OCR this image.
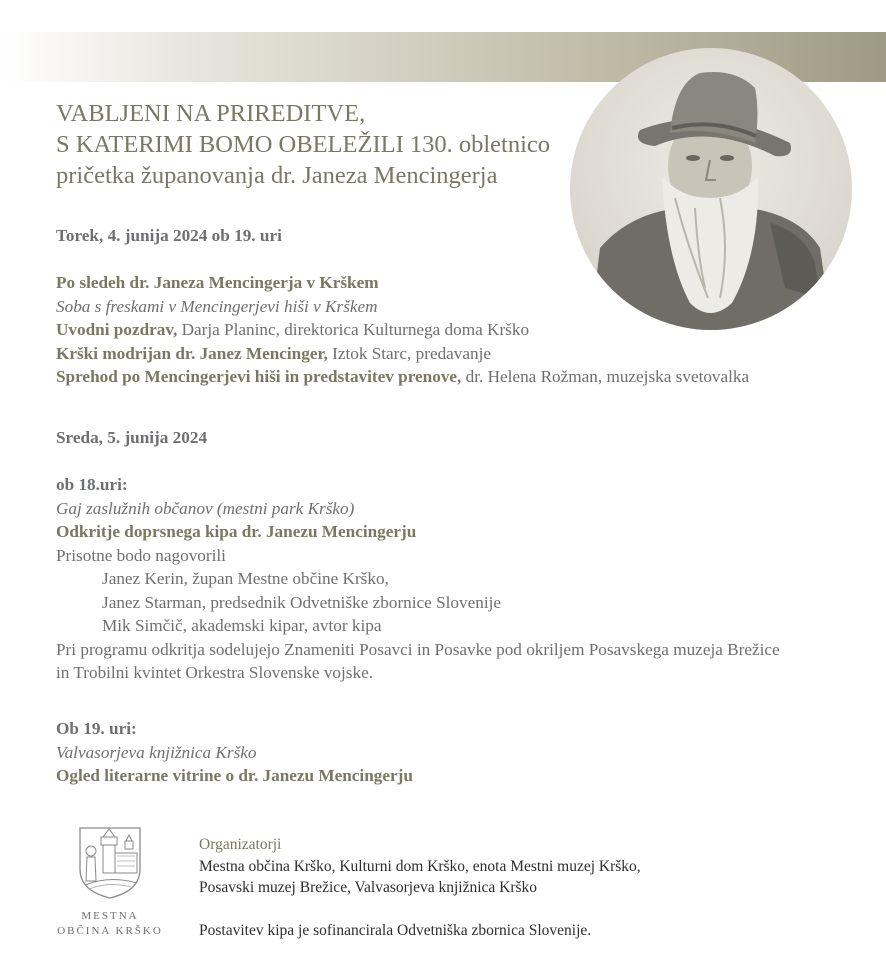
VABLJENI NA PRIREDITVE,
S KATERIMI BOMO OBELEŽILI 130. obletnico
pričetka županovanja dr. Janeza Mencingerja
Torek, 4. junija 2024 ob 19. uri
Po sledeh dr. Janeza Mencingerja v Krškem
Soba s freskami v Mencingerjevi hiši v Krškem
Uvodni pozdrav, Darja Planinc, direktorica Kulturnega doma Krško
Krški modrijan dr. Janez Mencinger, Iztok Starc, predavanje
Sprehod po Mencingerjevi hiši in predstavitev prenove, dr. Helena Rožman, muzejska svetovalka
Sreda, 5. junija 2024
ob 18.uri:
Gaj zaslužnih občanov (mestni park Krško)
Odkritje doprsnega kipa dr. Janezu Mencingerju
Prisotne bodo nagovorili
Janez Kerin, župan Mestne občine Krško,
Janez Starman, predsednik Odvetniške zbornice Slovenije
Mik Simčič, akademski kipar, avtor kipa
Pri programu odkritja sodelujejo Znameniti Posavci in Posavke pod okriljem Posavskega muzeja Brežice
in Trobilni kvintet Orkestra Slovenske vojske.
Ob 19. uri:
Valvasorjeva knjižnica Krško
Ogled literarne vitrine o dr. Janezu Mencingerju
MESTNA
OBČINA KRŠKO
Organizatorji
Mestna občina Krško, Kulturni dom Krško, enota Mestni muzej Krško,
Posavski muzej Brežice, Valvasorjeva knjižnica Krško
Postavitev kipa je sofinancirala Odvetniška zbornica Slovenije.
